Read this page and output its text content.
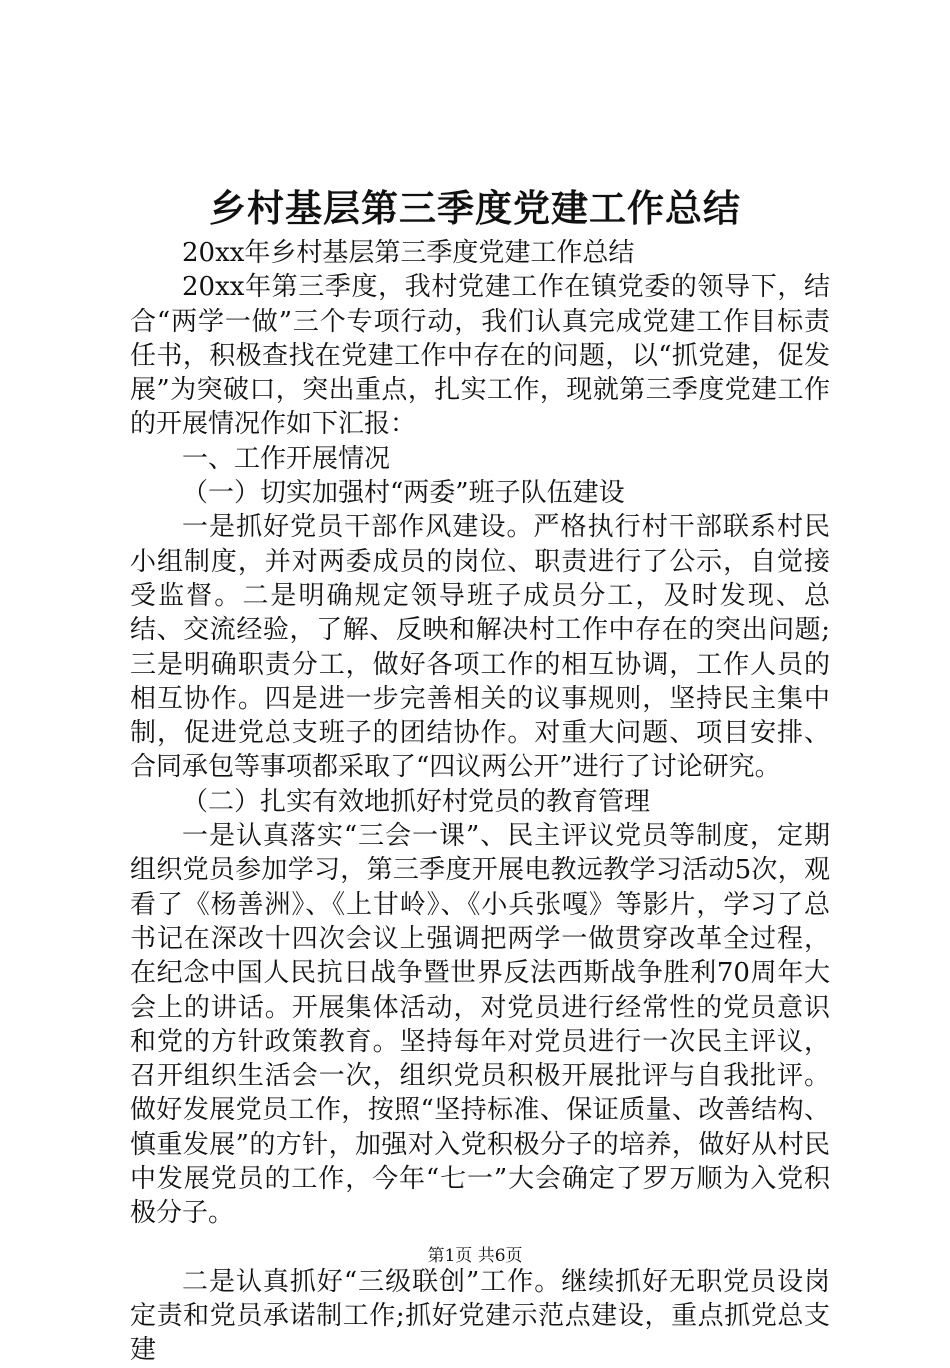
乡村基层第三季度党建工作总结

20xx年乡村基层第三季度党建工作总结

20xx年第三季度，我村党建工作在镇党委的领导下，结合“两学一做”三个专项行动，我们认真完成党建工作目标责任书，积极查找在党建工作中存在的问题，以“抓党建，促发展”为突破口，突出重点，扎实工作，现就第三季度党建工作的开展情况作如下汇报：

一、工作开展情况

（一）切实加强村“两委”班子队伍建设

一是抓好党员干部作风建设。严格执行村干部联系村民小组制度，并对两委成员的岗位、职责进行了公示，自觉接受监督。二是明确规定领导班子成员分工，及时发现、总结、交流经验，了解、反映和解决村工作中存在的突出问题;三是明确职责分工，做好各项工作的相互协调，工作人员的相互协作。四是进一步完善相关的议事规则，坚持民主集中制，促进党总支班子的团结协作。对重大问题、项目安排、合同承包等事项都采取了“四议两公开”进行了讨论研究。

（二）扎实有效地抓好村党员的教育管理

一是认真落实“三会一课”、民主评议党员等制度，定期组织党员参加学习，第三季度开展电教远教学习活动5次，观看了《杨善洲》、《上甘岭》、《小兵张嘎》等影片，学习了总书记在深改十四次会议上强调把两学一做贯穿改革全过程，在纪念中国人民抗日战争暨世界反法西斯战争胜利70周年大会上的讲话。开展集体活动，对党员进行经常性的党员意识和党的方针政策教育。坚持每年对党员进行一次民主评议，召开组织生活会一次，组织党员积极开展批评与自我批评。做好发展党员工作，按照“坚持标准、保证质量、改善结构、慎重发展”的方针，加强对入党积极分子的培养，做好从村民中发展党员的工作，今年“七一”大会确定了罗万顺为入党积极分子。

二是认真抓好“三级联创”工作。继续抓好无职党员设岗定责和党员承诺制工作;抓好党建示范点建设，重点抓党总支建

第1页 共6页
